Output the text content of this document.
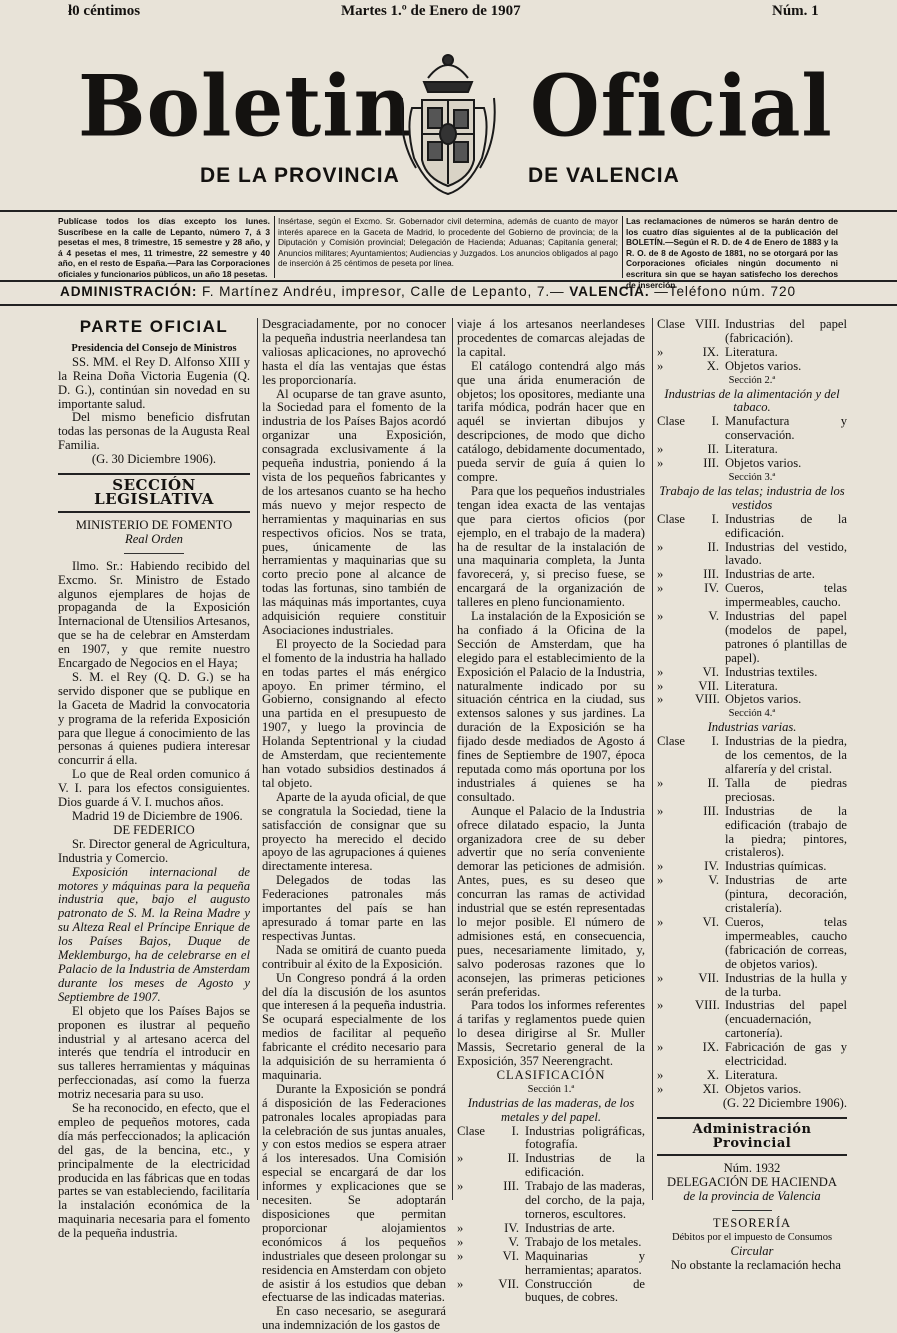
ł0 céntimos	Martes 1.º de Enero de 1907	Núm. 1
Boletin Oficial
DE LA PROVINCIA	DE VALENCIA
Publícase todos los días excepto los lunes. Suscríbese en la calle de Lepanto, número 7, á 3 pesetas el mes, 8 trimestre, 15 semestre y 28 año, y á 4 pesetas el mes, 11 trimestre, 22 semestre y 40 año, en el resto de España.—Para las Corporaciones oficiales y funcionarios públicos, un año 18 pesetas.
Insértase, según el Excmo. Sr. Gobernador civil determina, además de cuanto de mayor interés aparece en la Gaceta de Madrid, lo procedente del Gobierno de provincia; de la Diputación y Comisión provincial; Delegación de Hacienda; Aduanas; Capitanía general; Anuncios militares; Ayuntamientos; Audiencias y Juzgados. Los anuncios obligados al pago de inserción á 25 céntimos de peseta por línea.
Las reclamaciones de números se harán dentro de los cuatro días siguientes al de la publicación del BOLETÍN.—Según el R. D. de 4 de Enero de 1883 y la R. O. de 8 de Agosto de 1881, no se otorgará por las Corporaciones oficiales ningún documento ni escritura sin que se hayan satisfecho los derechos de inserción
ADMINISTRACIÓN: F. Martínez Andréu, impresor, Calle de Lepanto, 7.— VALENCIA. —Teléfono núm. 720
PARTE OFICIAL

Presidencia del Consejo de Ministros

SS. MM. el Rey D. Alfonso XIII y la Reina Doña Victoria Eugenia (Q. D. G.), continúan sin novedad en su importante salud.

Del mismo beneficio disfrutan todas las personas de la Augusta Real Familia.

(G. 30 Diciembre 1906).

SECCIÓN LEGISLATIVA

MINISTERIO DE FOMENTO

Real Orden

Ilmo. Sr.: Habiendo recibido del Excmo. Sr. Ministro de Estado algunos ejemplares de hojas de propaganda de la Exposición Internacional de Utensilios Artesanos, que se ha de celebrar en Amsterdam en 1907, y que remite nuestro Encargado de Negocios en el Haya;

S. M. el Rey (Q. D. G.) se ha servido disponer que se publique en la Gaceta de Madrid la convocatoria y programa de la referida Exposición para que llegue á conocimiento de las personas á quienes pudiera interesar concurrir á ella.

Lo que de Real orden comunico á V. I. para los efectos consiguientes. Dios guarde á V. I. muchos años.

Madrid 19 de Diciembre de 1906.

DE FEDERICO

Sr. Director general de Agricultura, Industria y Comercio.

Exposición internacional de motores y máquinas para la pequeña industria que, bajo el augusto patronato de S. M. la Reina Madre y su Alteza Real el Príncipe Enrique de los Países Bajos, Duque de Meklemburgo, ha de celebrarse en el Palacio de la Industria de Amsterdam durante los meses de Agosto y Septiembre de 1907.

El objeto que los Países Bajos se proponen es ilustrar al pequeño industrial y al artesano acerca del interés que tendría el introducir en sus talleres herramientas y máquinas perfeccionadas, así como la fuerza motriz necesaria para su uso.

Se ha reconocido, en efecto, que el empleo de pequeños motores, cada día más perfeccionados; la aplicación del gas, de la bencina, etc., y principalmente de la electricidad producida en las fábricas que en todas partes se van estableciendo, facilitaría la instalación económica de la maquinaria necesaria para el fomento de la pequeña industria.

Desgraciadamente, por no conocer la pequeña industria neerlandesa tan valiosas aplicaciones, no aprovechó hasta el día las ventajas que éstas les proporcionaría.

Al ocuparse de tan grave asunto, la Sociedad para el fomento de la industria de los Países Bajos acordó organizar una Exposición, consagrada exclusivamente á la pequeña industria, poniendo á la vista de los pequeños fabricantes y de los artesanos cuanto se ha hecho más nuevo y mejor respecto de herramientas y maquinarias en sus respectivos oficios. Nos se trata, pues, únicamente de las herramientas y maquinarias que su corto precio pone al alcance de todas las fortunas, sino también de las máquinas más importantes, cuya adquisición requiere constituir Asociaciones industriales.

El proyecto de la Sociedad para el fomento de la industria ha hallado en todas partes el más enérgico apoyo. En primer término, el Gobierno, consignando al efecto una partida en el presupuesto de 1907, y luego la provincia de Holanda Septentrional y la ciudad de Amsterdam, que recientemente han votado subsidios destinados á tal objeto.

Aparte de la ayuda oficial, de que se congratula la Sociedad, tiene la satisfacción de consignar que su proyecto ha merecido el decido apoyo de las agrupaciones á quienes directamente interesa.

Delegados de todas las Federaciones patronales más importantes del país se han apresurado á tomar parte en las respectivas Juntas.

Nada se omitirá de cuanto pueda contribuir al éxito de la Exposición.

Un Congreso pondrá á la orden del día la discusión de los asuntos que interesen á la pequeña industria. Se ocupará especialmente de los medios de facilitar al pequeño fabricante el crédito necesario para la adquisición de su herramienta ó maquinaria.

Durante la Exposición se pondrá á disposición de las Federaciones patronales locales apropiadas para la celebración de sus juntas anuales, y con estos medios se espera atraer á los interesados. Una Comisión especial se encargará de dar los informes y explicaciones que se necesiten. Se adoptarán disposiciones que permitan proporcionar alojamientos económicos á los pequeños industriales que deseen prolongar su residencia en Amsterdam con objeto de asistir á los estudios que deban efectuarse de las indicadas materias.

En caso necesario, se asegurará una indemnización de los gastos de

viaje á los artesanos neerlandeses procedentes de comarcas alejadas de la capital.

El catálogo contendrá algo más que una árida enumeración de objetos; los opositores, mediante una tarifa módica, podrán hacer que en aquél se inviertan dibujos y descripciones, de modo que dicho catálogo, debidamente documentado, pueda servir de guía á quien lo compre.

Para que los pequeños industriales tengan idea exacta de las ventajas que para ciertos oficios (por ejemplo, en el trabajo de la madera) ha de resultar de la instalación de una maquinaria completa, la Junta favorecerá, y, si preciso fuese, se encargará de la organización de talleres en pleno funcionamiento.

La instalación de la Exposición se ha confiado á la Oficina de la Sección de Amsterdam, que ha elegido para el establecimiento de la Exposición el Palacio de la Industria, naturalmente indicado por su situación céntrica en la ciudad, sus extensos salones y sus jardines. La duración de la Exposición se ha fijado desde mediados de Agosto á fines de Septiembre de 1907, época reputada como más oportuna por los industriales á quienes se ha consultado.

Aunque el Palacio de la Industria ofrece dilatado espacio, la Junta organizadora cree de su deber advertir que no sería conveniente demorar las peticiones de admisión. Antes, pues, es su deseo que concurran las ramas de actividad industrial que se estén representadas lo mejor posible. El número de admisiones está, en consecuencia, pues, necesariamente limitado, y, salvo poderosas razones que lo aconsejen, las primeras peticiones serán preferidas.

Para todos los informes referentes á tarifas y reglamentos puede quien lo desea dirigirse al Sr. Muller Massis, Secretario general de la Exposición, 357 Neerengracht.

CLASIFICACIÓN

Sección 1.ª

Industrias de las maderas, de los metales y del papel.

Clase	I. Industrias poligráficas, fotografía.
»	II. Industrias de la edificación.
»	III. Trabajo de las maderas, del corcho, de la paja, torneros, escultores.
»	IV. Industrias de arte.
»	V. Trabajo de los metales.
»	VI. Maquinarias y herramientas; aparatos.
»	VII. Construcción de buques, de cobres.
Clase VIII. Industrias del papel (fabricación).
»	IX. Literatura.
»	X. Objetos varios.

Sección 2.ª

Industrias de la alimentación y del tabaco.

Clase	I. Manufactura y conservación.
»	II. Literatura.
»	III. Objetos varios.

Sección 3.ª

Trabajo de las telas; industria de los vestidos

Clase	I. Industrias de la edificación.
»	II. Industrias del vestido, lavado.
»	III. Industrias de arte.
»	IV. Cueros, telas impermeables, caucho.
»	V. Industrias del papel (modelos de papel, patrones ó plantillas de papel).
»	VI. Industrias textiles.
»	VII. Literatura.
»	VIII. Objetos varios.

Sección 4.ª

Industrias varias.

Clase	I. Industrias de la piedra, de los cementos, de la alfarería y del cristal.
»	II. Talla de piedras preciosas.
»	III. Industrias de la edificación (trabajo de la piedra; pintores, cristaleros).
»	IV. Industrias químicas.
»	V. Industrias de arte (pintura, decoración, cristalería).
»	VI. Cueros, telas impermeables, caucho (fabricación de correas, de objetos varios).
»	VII. Industrias de la hulla y de la turba.
»	VIII. Industrias del papel (encuadernación, cartonería).
»	IX. Fabricación de gas y electricidad.
»	X. Literatura.
»	XI. Objetos varios.

(G. 22 Diciembre 1906).

Administración Provincial

Núm. 1932

DELEGACIÓN DE HACIENDA

de la provincia de Valencia

TESORERÍA

Débitos por el impuesto de Consumos

Circular

No obstante la reclamación hecha
